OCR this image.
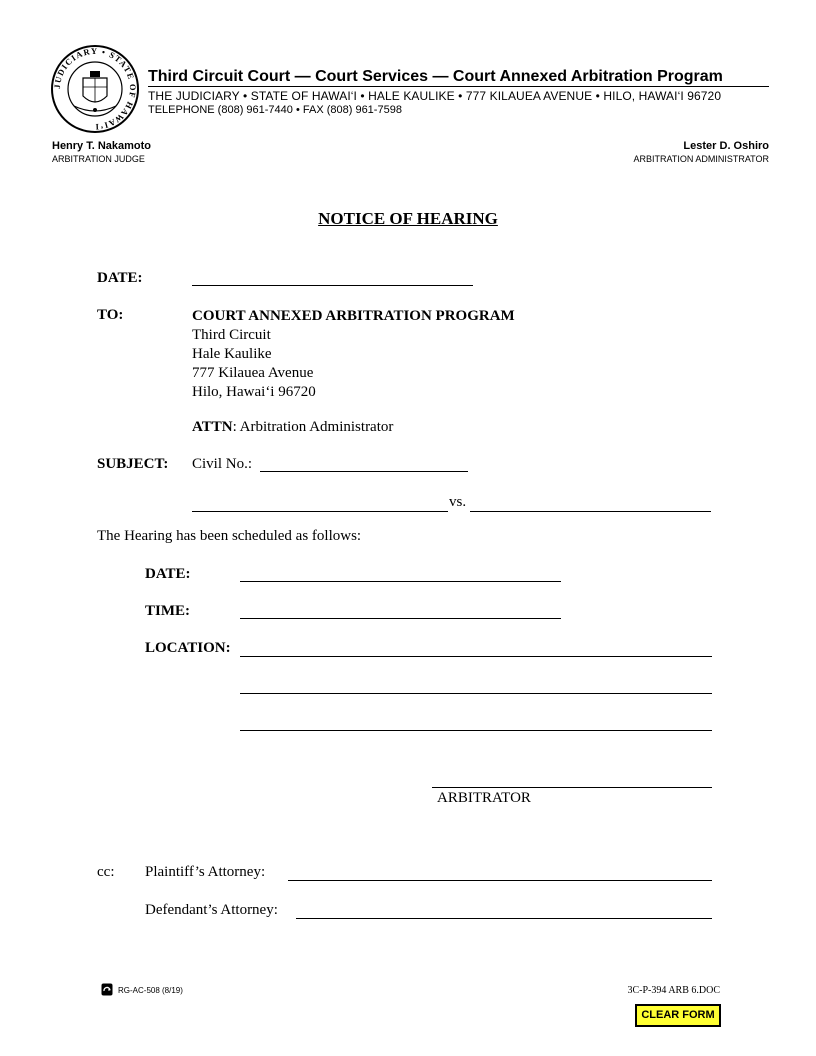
JUDICIARY • STATE OF HAWAI‘I
Third Circuit Court — Court Services — Court Annexed Arbitration Program
THE JUDICIARY • STATE OF HAWAI‘I • HALE KAULIKE • 777 KILAUEA AVENUE • HILO, HAWAI‘I 96720
TELEPHONE (808) 961-7440 • FAX (808) 961-7598
Henry T. Nakamoto
ARBITRATION JUDGE
Lester D. Oshiro
ARBITRATION ADMINISTRATOR
NOTICE OF HEARING
DATE:
TO:	COURT ANNEXED ARBITRATION PROGRAM
Third Circuit
Hale Kaulike
777 Kilauea Avenue
Hilo, Hawai‘i 96720
ATTN: Arbitration Administrator
SUBJECT: Civil No.:
vs.
The Hearing has been scheduled as follows:
DATE:
TIME:
LOCATION:
ARBITRATOR
cc: Plaintiff’s Attorney:
Defendant’s Attorney:
RG-AC-508 (8/19)	3C-P-394 ARB 6.DOC
CLEAR FORM
